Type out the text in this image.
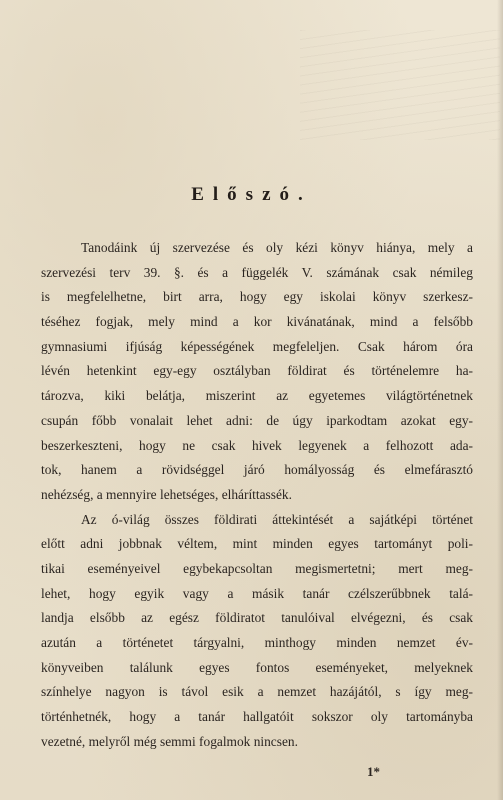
Előszó.
Tanodáink új szervezése és oly kézi könyv hiánya, mely a
szervezési terv 39. §. és a függelék V. számának csak némileg
is megfelelhetne, birt arra, hogy egy iskolai könyv szerkesz-
téséhez fogjak, mely mind a kor kivánatának, mind a felsőbb
gymnasiumi ifjúság képességének megfeleljen. Csak három óra
lévén hetenkint egy-egy osztályban földirat és történelemre ha-
tározva, kiki belátja, miszerint az egyetemes világtörténetnek
csupán főbb vonalait lehet adni: de úgy iparkodtam azokat egy-
beszerkeszteni, hogy ne csak hivek legyenek a felhozott ada-
tok, hanem a rövidséggel járó homályosság és elmefárasztó
nehézség, a mennyire lehetséges, elháríttassék.
Az ó-világ összes földirati áttekintését a sajátképi történet
előtt adni jobbnak véltem, mint minden egyes tartományt poli-
tikai eseményeivel egybekapcsoltan megismertetni; mert meg-
lehet, hogy egyik vagy a másik tanár czélszerűbbnek talá-
landja elsőbb az egész földiratot tanulóival elvégezni, és csak
azután a történetet tárgyalni, minthogy minden nemzet év-
könyveiben találunk egyes fontos eseményeket, melyeknek
színhelye nagyon is távol esik a nemzet hazájától, s így meg-
történhetnék, hogy a tanár hallgatóit sokszor oly tartományba
vezetné, melyről még semmi fogalmok nincsen.
1*
